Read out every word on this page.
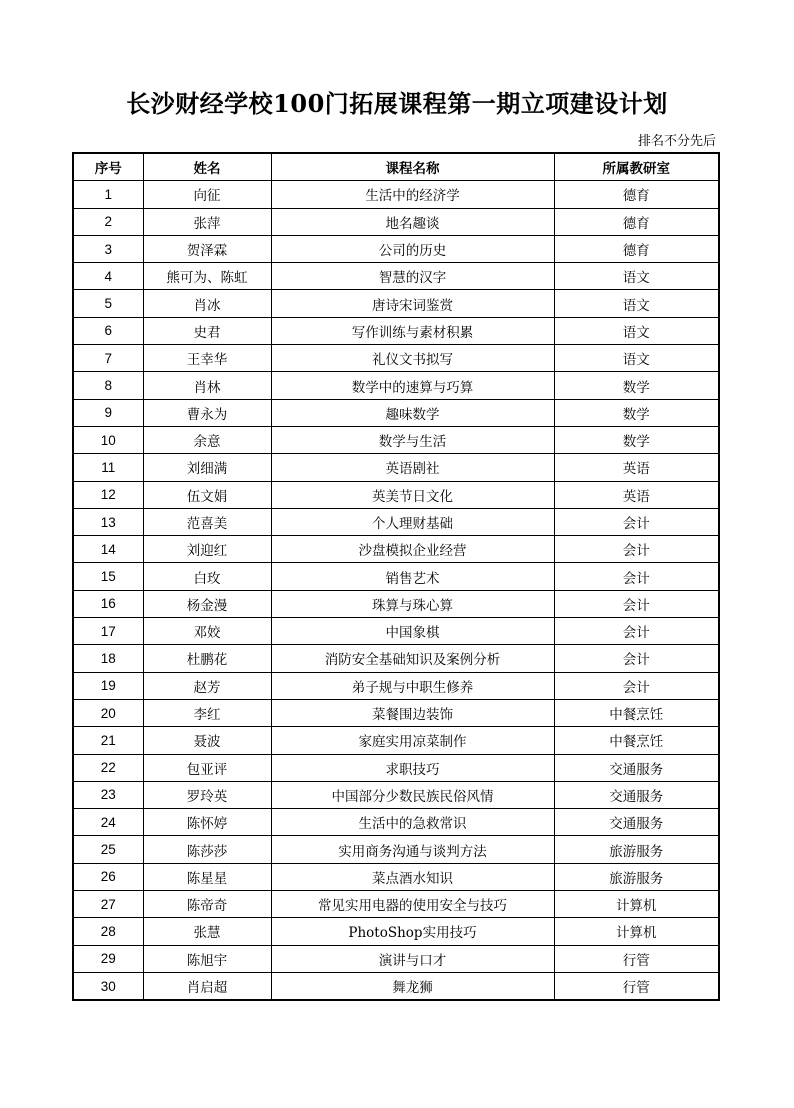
长沙财经学校100门拓展课程第一期立项建设计划
排名不分先后
序号	姓名	课程名称	所属教研室
1	向征	生活中的经济学	德育
2	张萍	地名趣谈	德育
3	贺泽霖	公司的历史	德育
4	熊可为、陈虹	智慧的汉字	语文
5	肖冰	唐诗宋词鉴赏	语文
6	史君	写作训练与素材积累	语文
7	王幸华	礼仪文书拟写	语文
8	肖林	数学中的速算与巧算	数学
9	曹永为	趣味数学	数学
10	余意	数学与生活	数学
11	刘细满	英语剧社	英语
12	伍文娟	英美节日文化	英语
13	范喜美	个人理财基础	会计
14	刘迎红	沙盘模拟企业经营	会计
15	白玫	销售艺术	会计
16	杨金漫	珠算与珠心算	会计
17	邓姣	中国象棋	会计
18	杜鹏花	消防安全基础知识及案例分析	会计
19	赵芳	弟子规与中职生修养	会计
20	李红	菜餐围边装饰	中餐烹饪
21	聂波	家庭实用凉菜制作	中餐烹饪
22	包亚评	求职技巧	交通服务
23	罗玲英	中国部分少数民族民俗风情	交通服务
24	陈怀婷	生活中的急救常识	交通服务
25	陈莎莎	实用商务沟通与谈判方法	旅游服务
26	陈星星	菜点酒水知识	旅游服务
27	陈帝奇	常见实用电器的使用安全与技巧	计算机
28	张慧	PhotoShop实用技巧	计算机
29	陈旭宇	演讲与口才	行管
30	肖启超	舞龙狮	行管
